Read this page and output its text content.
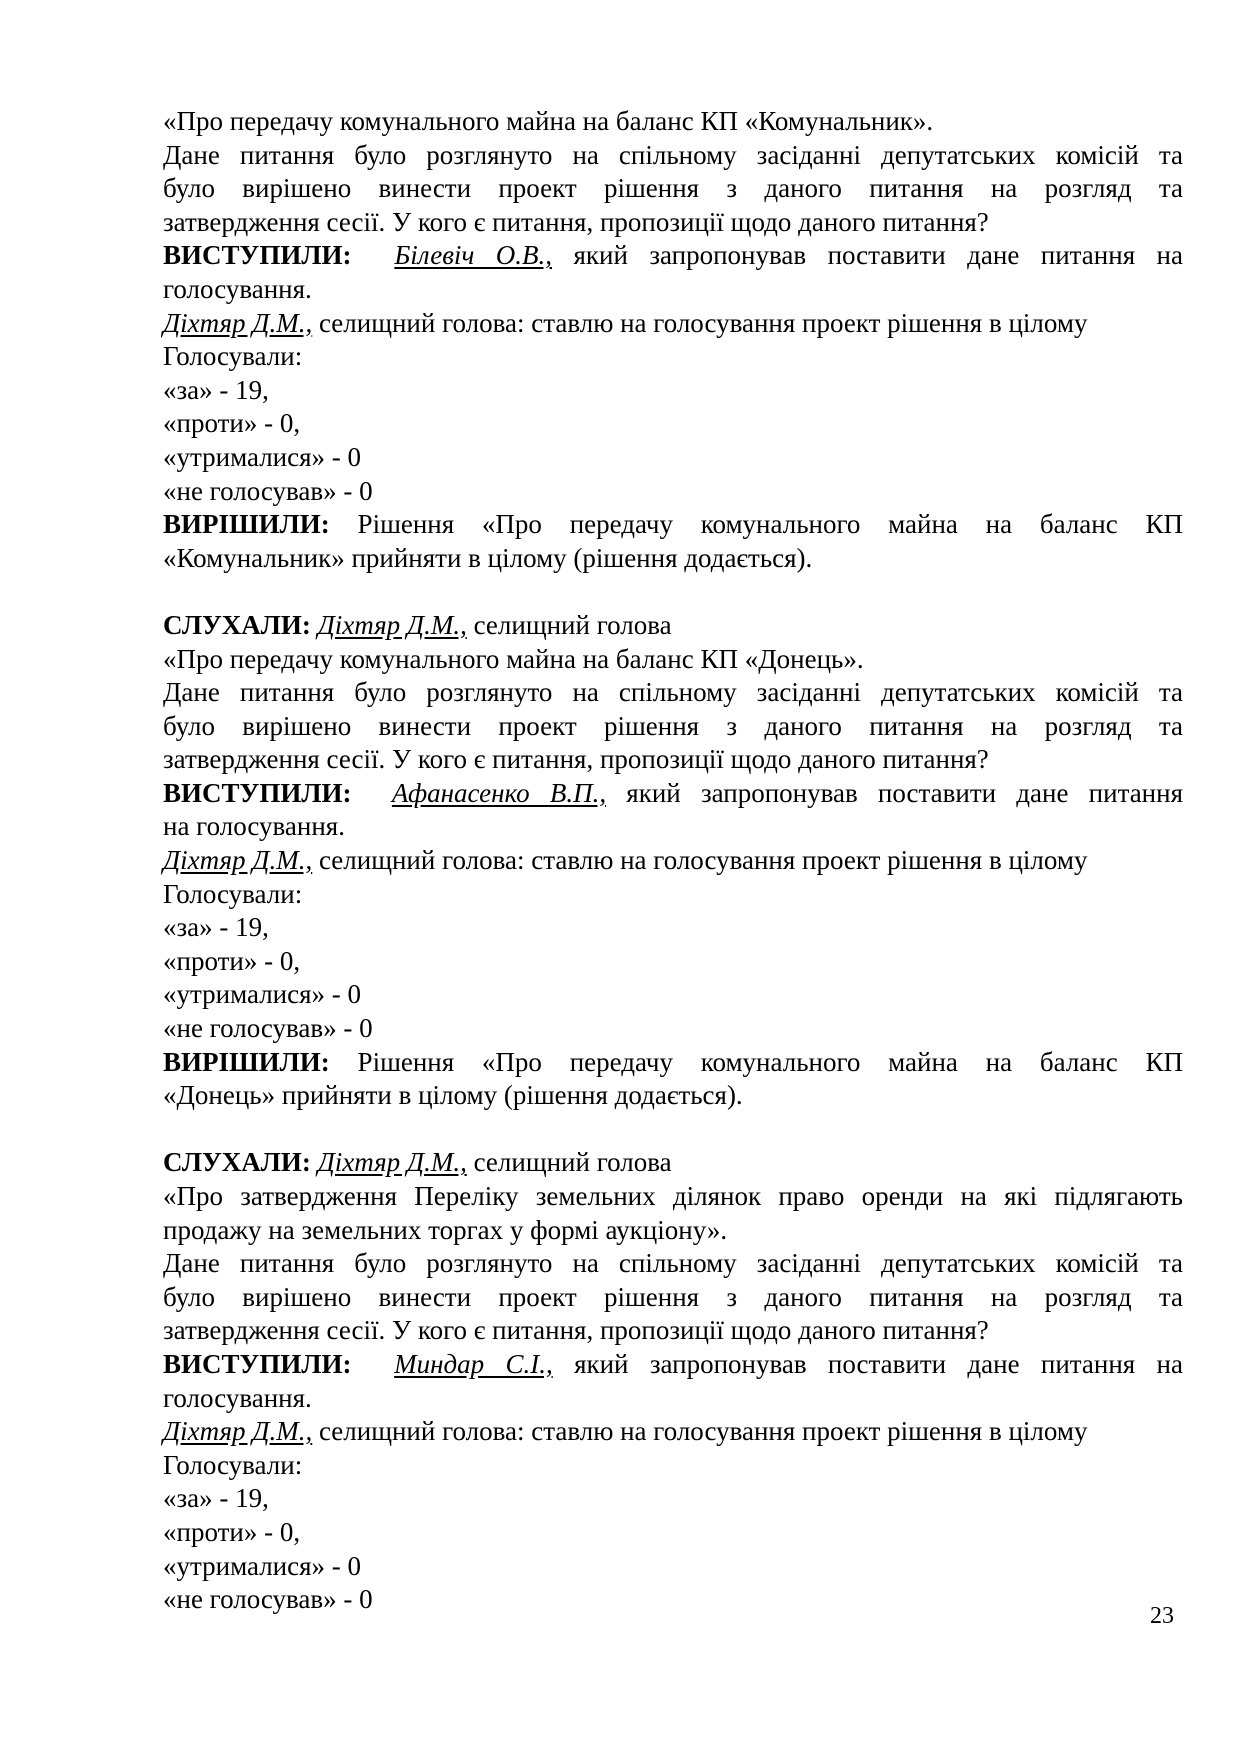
«Про передачу комунального майна на баланс КП «Комунальник».
Дане питання було розглянуто на спільному засіданні депутатських комісій та
було вирішено винести проект рішення з даного питання на розгляд та
затвердження сесії. У кого є питання, пропозиції щодо даного питання?
ВИСТУПИЛИ: Білевіч О.В., який запропонував поставити дане питання на
голосування.
Діхтяр Д.М., селищний голова: ставлю на голосування проект рішення в цілому
Голосували:
«за» - 19,
«проти» - 0,
«утрималися» - 0
«не голосував» - 0
ВИРІШИЛИ: Рішення «Про передачу комунального майна на баланс КП
«Комунальник» прийняти в цілому (рішення додається).
СЛУХАЛИ: Діхтяр Д.М., селищний голова
«Про передачу комунального майна на баланс КП «Донець».
Дане питання було розглянуто на спільному засіданні депутатських комісій та
було вирішено винести проект рішення з даного питання на розгляд та
затвердження сесії. У кого є питання, пропозиції щодо даного питання?
ВИСТУПИЛИ: Афанасенко В.П., який запропонував поставити дане питання
на голосування.
Діхтяр Д.М., селищний голова: ставлю на голосування проект рішення в цілому
Голосували:
«за» - 19,
«проти» - 0,
«утрималися» - 0
«не голосував» - 0
ВИРІШИЛИ: Рішення «Про передачу комунального майна на баланс КП
«Донець» прийняти в цілому (рішення додається).
СЛУХАЛИ: Діхтяр Д.М., селищний голова
«Про затвердження Переліку земельних ділянок право оренди на які підлягають
продажу на земельних торгах у формі аукціону».
Дане питання було розглянуто на спільному засіданні депутатських комісій та
було вирішено винести проект рішення з даного питання на розгляд та
затвердження сесії. У кого є питання, пропозиції щодо даного питання?
ВИСТУПИЛИ: Миндар С.І., який запропонував поставити дане питання на
голосування.
Діхтяр Д.М., селищний голова: ставлю на голосування проект рішення в цілому
Голосували:
«за» - 19,
«проти» - 0,
«утрималися» - 0
«не голосував» - 0
23
